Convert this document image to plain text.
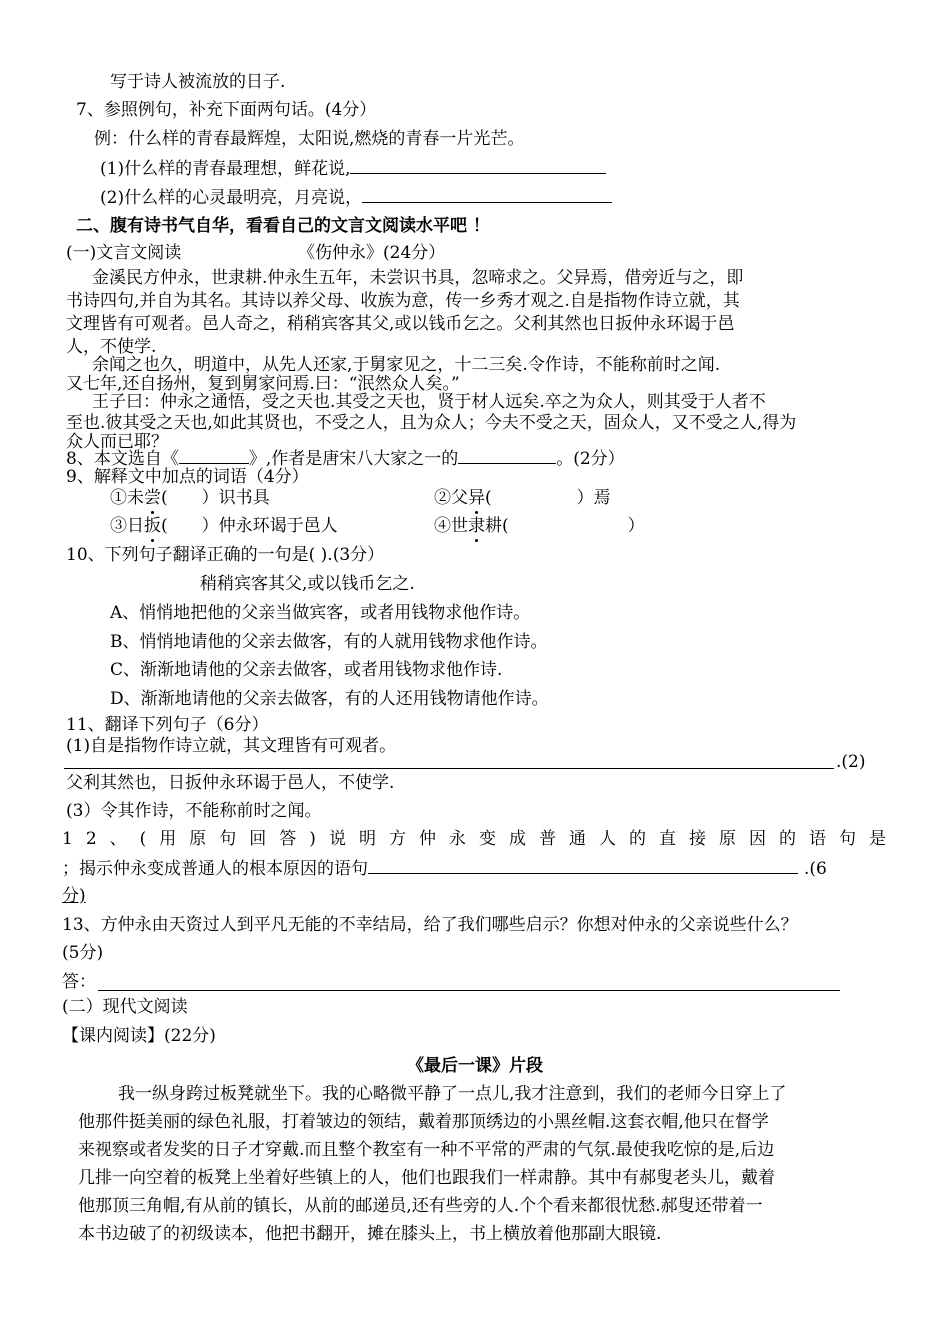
写于诗人被流放的日子.
7、参照例句，补充下面两句话。(4分）
例：什么样的青春最辉煌，太阳说,燃烧的青春一片光芒。
(1)什么样的青春最理想，鲜花说,
(2)什么样的心灵最明亮，月亮说，
二、腹有诗书气自华，看看自己的文言文阅读水平吧 ！
(一)文言文阅读	《伤仲永》(24分）
金溪民方仲永，世隶耕.仲永生五年，未尝识书具，忽啼求之。父异焉，借旁近与之，即
书诗四句,并自为其名。其诗以养父母、收族为意，传一乡秀才观之.自是指物作诗立就，其
文理皆有可观者。邑人奇之，稍稍宾客其父,或以钱币乞之。父利其然也日扳仲永环谒于邑
人，不使学.
余闻之也久，明道中，从先人还家,于舅家见之，十二三矣.令作诗，不能称前时之闻.
又七年,还自扬州，复到舅家问焉.曰：“泯然众人矣。”
王子曰：仲永之通悟，受之天也.其受之天也，贤于材人远矣.卒之为众人，则其受于人者不
至也.彼其受之天也,如此其贤也，不受之人，且为众人；今夫不受之天，固众人，又不受之人,得为
众人而已耶？
8、本文选自《	》,作者是唐宋八大家之一的	。(2分）
9、解释文中加点的词语（4分）
①未尝(　　）识书具	②父异(　　　　　）焉
③日扳(　　）仲永环谒于邑人	④世隶耕(　　　　　　　）
10、下列句子翻译正确的一句是( ).(3分）
稍稍宾客其父,或以钱币乞之.
A、悄悄地把他的父亲当做宾客，或者用钱物求他作诗。
B、悄悄地请他的父亲去做客，有的人就用钱物求他作诗。
C、渐渐地请他的父亲去做客，或者用钱物求他作诗.
D、渐渐地请他的父亲去做客，有的人还用钱物请他作诗。
11、翻译下列句子（6分）
(1)自是指物作诗立就，其文理皆有可观者。
.(2)
父利其然也，日扳仲永环谒于邑人，不使学.
(3）令其作诗，不能称前时之闻。
1 2 、 ( 用 原 句 回 答 ) 说 明 方 仲 永 变 成 普 通 人 的 直 接 原 因 的 语 句 是
；揭示仲永变成普通人的根本原因的语句	.(6
分)
13、方仲永由天资过人到平凡无能的不幸结局，给了我们哪些启示？你想对仲永的父亲说些什么？
(5分)
答：
(二）现代文阅读
【课内阅读】(22分)
《最后一课》片段
我一纵身跨过板凳就坐下。我的心略微平静了一点儿,我才注意到，我们的老师今日穿上了
他那件挺美丽的绿色礼服，打着皱边的领结，戴着那顶绣边的小黑丝帽.这套衣帽,他只在督学
来视察或者发奖的日子才穿戴.而且整个教室有一种不平常的严肃的气氛.最使我吃惊的是,后边
几排一向空着的板凳上坐着好些镇上的人，他们也跟我们一样肃静。其中有郝叟老头儿，戴着
他那顶三角帽,有从前的镇长，从前的邮递员,还有些旁的人.个个看来都很忧愁.郝叟还带着一
本书边破了的初级读本，他把书翻开，摊在膝头上，书上横放着他那副大眼镜.
